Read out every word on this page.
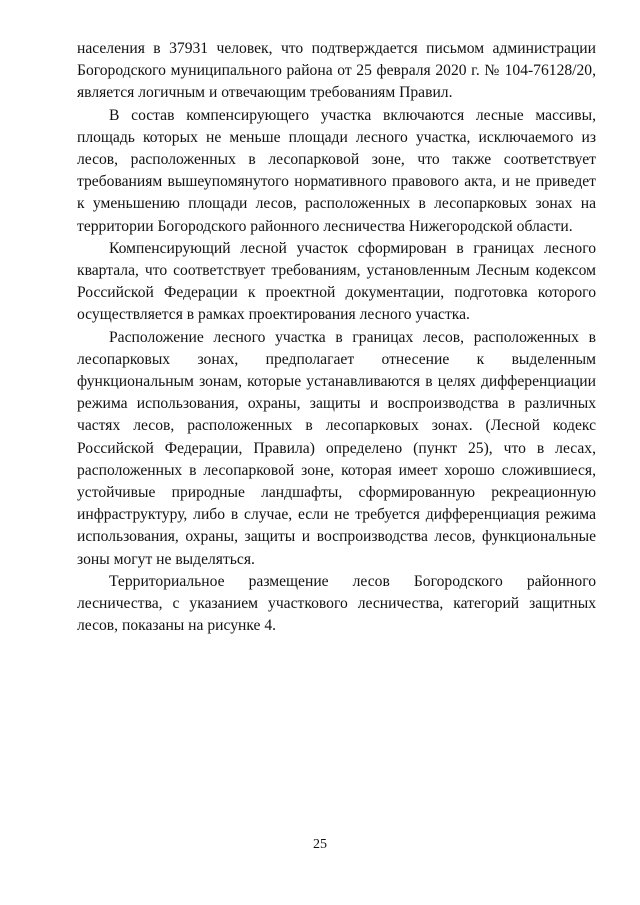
населения в 37931 человек, что подтверждается письмом администрации Богородского муниципального района от 25 февраля 2020 г. № 104-76128/20, является логичным и отвечающим требованиям Правил.

В состав компенсирующего участка включаются лесные массивы, площадь которых не меньше площади лесного участка, исключаемого из лесов, расположенных в лесопарковой зоне, что также соответствует требованиям вышеупомянутого нормативного правового акта, и не приведет к уменьшению площади лесов, расположенных в лесопарковых зонах на территории Богородского районного лесничества Нижегородской области.

Компенсирующий лесной участок сформирован в границах лесного квартала, что соответствует требованиям, установленным Лесным кодексом Российской Федерации к проектной документации, подготовка которого осуществляется в рамках проектирования лесного участка.

Расположение лесного участка в границах лесов, расположенных в лесопарковых зонах, предполагает отнесение к выделенным функциональным зонам, которые устанавливаются в целях дифференциации режима использования, охраны, защиты и воспроизводства в различных частях лесов, расположенных в лесопарковых зонах. (Лесной кодекс Российской Федерации, Правила) определено (пункт 25), что в лесах, расположенных в лесопарковой зоне, которая имеет хорошо сложившиеся, устойчивые природные ландшафты, сформированную рекреационную инфраструктуру, либо в случае, если не требуется дифференциация режима использования, охраны, защиты и воспроизводства лесов, функциональные зоны могут не выделяться.

Территориальное размещение лесов Богородского районного лесничества, с указанием участкового лесничества, категорий защитных лесов, показаны на рисунке 4.

25
